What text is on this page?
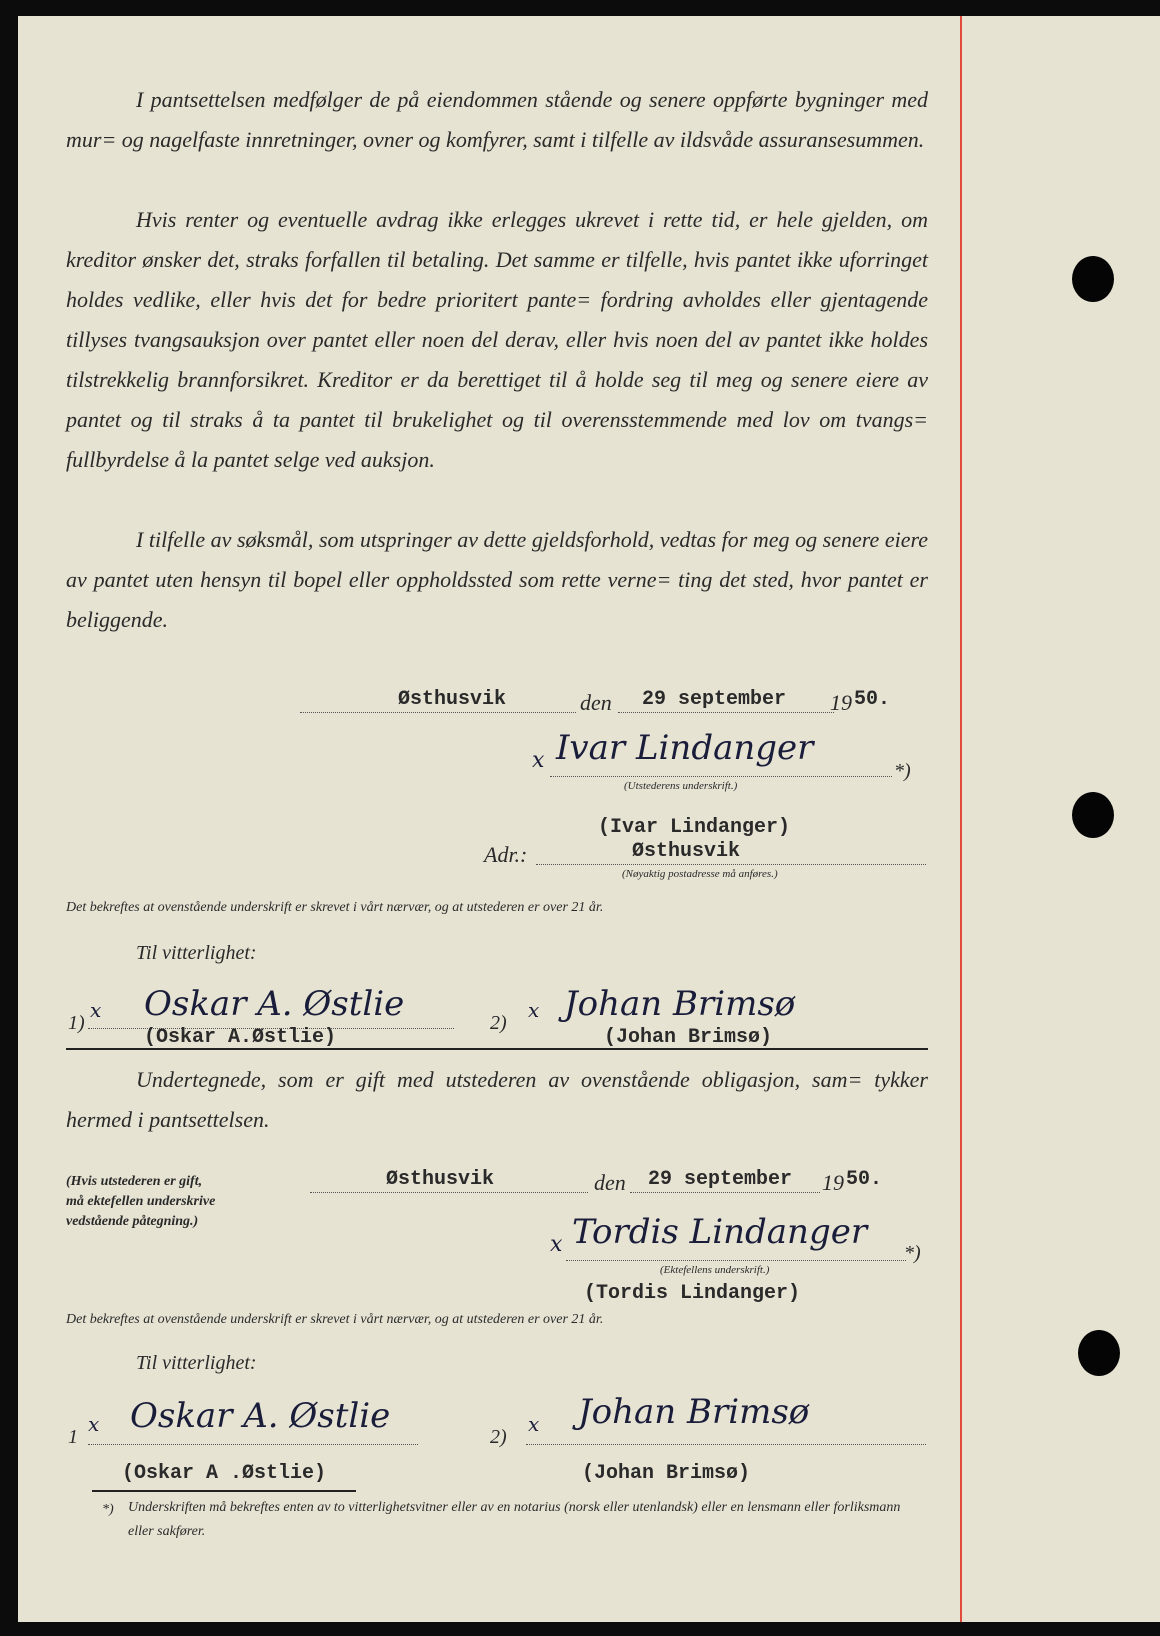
I pantsettelsen medfølger de på eiendommen stående og senere oppførte bygninger med mur= og nagelfaste innretninger, ovner og komfyrer, samt i tilfelle av ildsvåde assuransesummen.
Hvis renter og eventuelle avdrag ikke erlegges ukrevet i rette tid, er hele gjelden, om kreditor ønsker det, straks forfallen til betaling. Det samme er tilfelle, hvis pantet ikke uforringet holdes vedlike, eller hvis det for bedre prioritert pante= fordring avholdes eller gjentagende tillyses tvangsauksjon over pantet eller noen del derav, eller hvis noen del av pantet ikke holdes tilstrekkelig brannforsikret. Kreditor er da berettiget til å holde seg til meg og senere eiere av pantet og til straks å ta pantet til brukelighet og til overensstemmende med lov om tvangs= fullbyrdelse å la pantet selge ved auksjon.
I tilfelle av søksmål, som utspringer av dette gjeldsforhold, vedtas for meg og senere eiere av pantet uten hensyn til bopel eller oppholdssted som rette verne= ting det sted, hvor pantet er beliggende.
Østhusvik	den 29 september 19 50.
x Ivar Lindanger
*)
(Utstederens underskrift.)
(Ivar Lindanger)
Adr.:	Østhusvik
(Nøyaktig postadresse må anføres.)
Det bekreftes at ovenstående underskrift er skrevet i vårt nærvær, og at utstederen er over 21 år.
Til vitterlighet:
1)
x Oskar A. Østlie
(Oskar A.Østlie)
2)
x Johan Brimsø
(Johan Brimsø)
Undertegnede, som er gift med utstederen av ovenstående obligasjon, sam= tykker hermed i pantsettelsen.
(Hvis utstederen er gift,
må ektefellen underskrive
vedstående påtegning.)
Østhusvik	den 29 september 19 50.
x Tordis Lindanger
*)
(Ektefellens underskrift.)
(Tordis Lindanger)
Det bekreftes at ovenstående underskrift er skrevet i vårt nærvær, og at utstederen er over 21 år.
Til vitterlighet:
1
x Oskar A. Østlie
(Oskar A .Østlie)
2)
x Johan Brimsø
(Johan Brimsø)
*) Underskriften må bekreftes enten av to vitterlighetsvitner eller av en notarius (norsk eller utenlandsk) eller en lensmann eller forliksmann eller sakfører.
